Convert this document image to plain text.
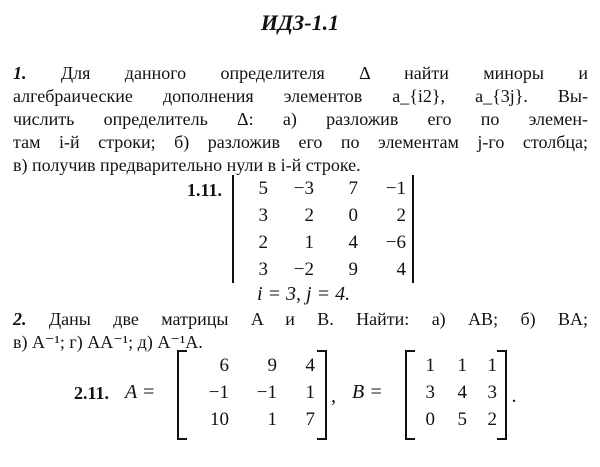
ИДЗ-1.1
1. Для данного определителя Δ найти миноры и
алгебраические дополнения элементов a_{i2}, a_{3j}. Вы-
числить определитель Δ: а) разложив его по элемен-
там i-й строки; б) разложив его по элементам j-го столбца;
в) получив предварительно нули в i-й строке.
1.11.	5	−3	7	−1
3	2	0	2
2	1	4	−6
3	−2	9	4
i = 3, j = 4.
2. Даны две матрицы A и B. Найти: а) AB; б) BA;
в) A⁻¹; г) AA⁻¹; д) A⁻¹A.
2.11. A =
6	9	4
−1	−1	1
10	1	7
, B =
1	1	1
3	4	3
0	5	2
.
